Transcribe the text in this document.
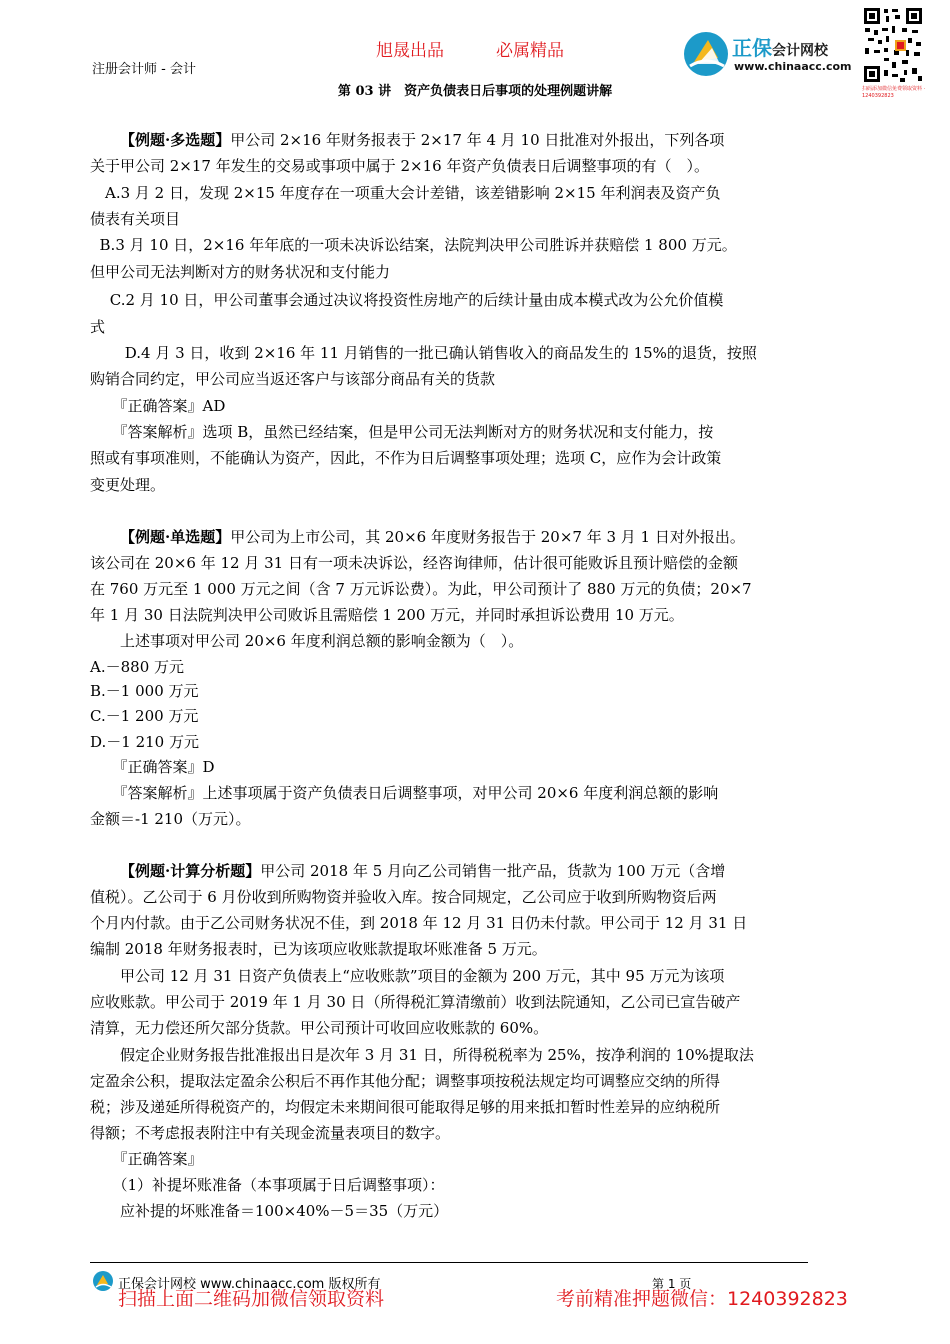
注册会计师 - 会计
旭晟出品	必属精品	正保会计网校
www.chinaacc.com
扫码添加微信免费领取资料 · 1240392823
第 03 讲　资产负债表日后事项的处理例题讲解
【例题·多选题】甲公司 2×16 年财务报表于 2×17 年 4 月 10 日批准对外报出，下列各项
关于甲公司 2×17 年发生的交易或事项中属于 2×16 年资产负债表日后调整事项的有（　）。
　A.3 月 2 日，发现 2×15 年度存在一项重大会计差错，该差错影响 2×15 年利润表及资产负
债表有关项目
B.3 月 10 日，2×16 年年底的一项未决诉讼结案，法院判决甲公司胜诉并获赔偿 1 800 万元。
但甲公司无法判断对方的财务状况和支付能力
　 C.2 月 10 日，甲公司董事会通过决议将投资性房地产的后续计量由成本模式改为公允价值模
式
　　 D.4 月 3 日，收到 2×16 年 11 月销售的一批已确认销售收入的商品发生的 15%的退货，按照
购销合同约定，甲公司应当返还客户与该部分商品有关的货款
　　『正确答案』AD
　　『答案解析』选项 B，虽然已经结案，但是甲公司无法判断对方的财务状况和支付能力，按
照或有事项准则，不能确认为资产，因此，不作为日后调整事项处理；选项 C，应作为会计政策
变更处理。
【例题·单选题】甲公司为上市公司，其 20×6 年度财务报告于 20×7 年 3 月 1 日对外报出。
该公司在 20×6 年 12 月 31 日有一项未决诉讼，经咨询律师，估计很可能败诉且预计赔偿的金额
在 760 万元至 1 000 万元之间（含 7 万元诉讼费）。为此，甲公司预计了 880 万元的负债；20×7
年 1 月 30 日法院判决甲公司败诉且需赔偿 1 200 万元，并同时承担诉讼费用 10 万元。
　　上述事项对甲公司 20×6 年度利润总额的影响金额为（　）。
A.－880 万元
B.－1 000 万元
C.－1 200 万元
D.－1 210 万元
　　『正确答案』D
　　『答案解析』上述事项属于资产负债表日后调整事项，对甲公司 20×6 年度利润总额的影响
金额＝-1 210（万元）。
【例题·计算分析题】甲公司 2018 年 5 月向乙公司销售一批产品，货款为 100 万元（含增
值税）。乙公司于 6 月份收到所购物资并验收入库。按合同规定，乙公司应于收到所购物资后两
个月内付款。由于乙公司财务状况不佳，到 2018 年 12 月 31 日仍未付款。甲公司于 12 月 31 日
编制 2018 年财务报表时，已为该项应收账款提取坏账准备 5 万元。
　　甲公司 12 月 31 日资产负债表上“应收账款”项目的金额为 200 万元，其中 95 万元为该项
应收账款。甲公司于 2019 年 1 月 30 日（所得税汇算清缴前）收到法院通知，乙公司已宣告破产
清算，无力偿还所欠部分货款。甲公司预计可收回应收账款的 60%。
　　假定企业财务报告批准报出日是次年 3 月 31 日，所得税税率为 25%，按净利润的 10%提取法
定盈余公积，提取法定盈余公积后不再作其他分配；调整事项按税法规定均可调整应交纳的所得
税；涉及递延所得税资产的，均假定未来期间很可能取得足够的用来抵扣暂时性差异的应纳税所
得额；不考虑报表附注中有关现金流量表项目的数字。
　　『正确答案』
　　（1）补提坏账准备（本事项属于日后调整事项）：
　　应补提的坏账准备＝100×40%－5＝35（万元）
正保会计网校 www.chinaacc.com 版权所有	第 1 页
扫描上面二维码加微信领取资料	考前精准押题微信：1240392823
